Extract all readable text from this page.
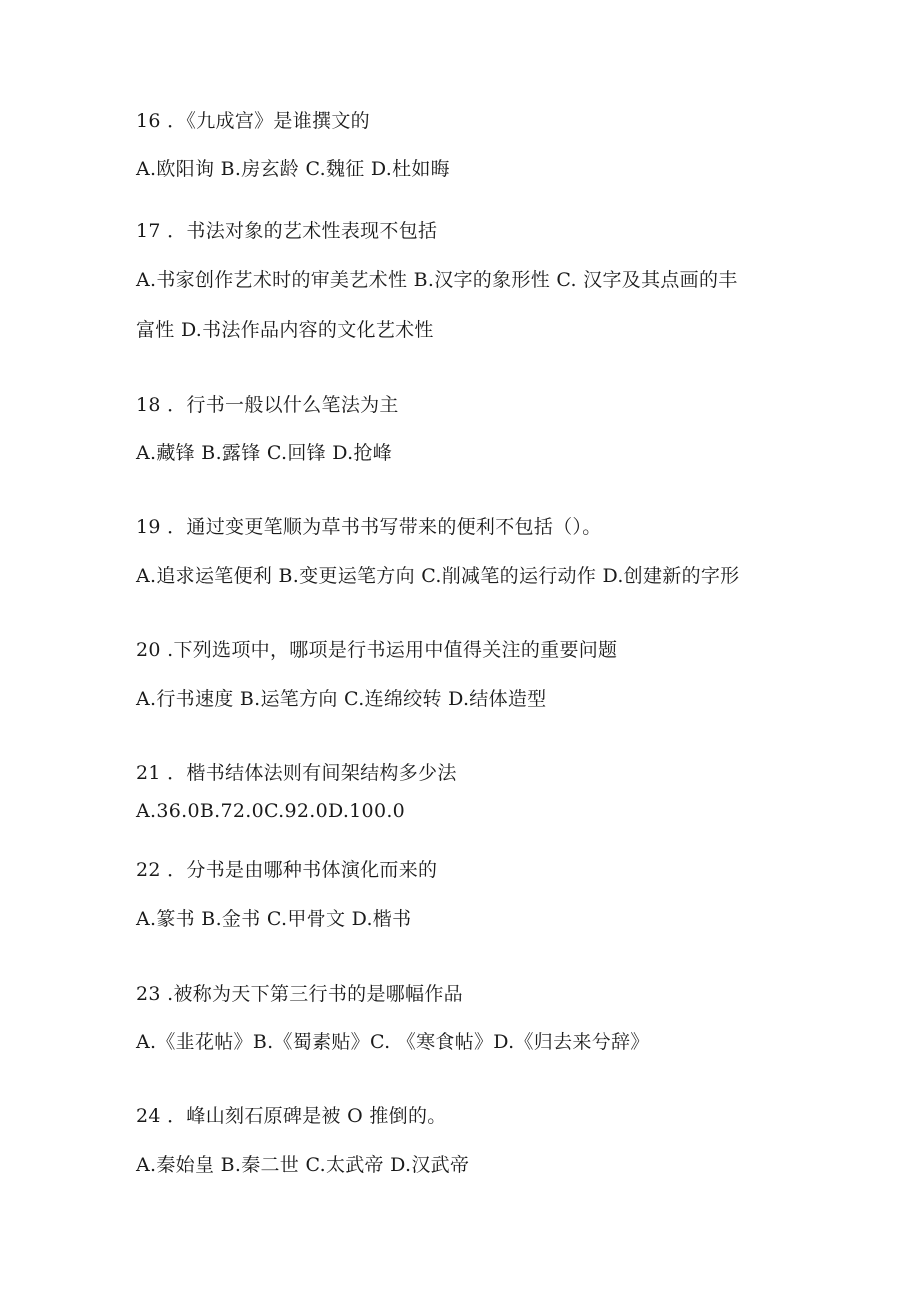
16 ．《九成宫》是谁撰文的
A.欧阳询 B.房玄龄 C.魏征 D.杜如晦
17 ．书法对象的艺术性表现不包括
A.书家创作艺术时的审美艺术性 B.汉字的象形性 C. 汉字及其点画的丰
富性 D.书法作品内容的文化艺术性
18 ．行书一般以什么笔法为主
A.藏锋 B.露锋 C.回锋 D.抢峰
19 ．通过变更笔顺为草书书写带来的便利不包括（）。
A.追求运笔便利 B.变更运笔方向 C.削减笔的运行动作 D.创建新的字形
20 .下列选项中，哪项是行书运用中值得关注的重要问题
A.行书速度 B.运笔方向 C.连绵绞转 D.结体造型
21 ．楷书结体法则有间架结构多少法
A.36.0B.72.0C.92.0D.100.0
22 ．分书是由哪种书体演化而来的
A.篆书 B.金书 C.甲骨文 D.楷书
23 .被称为天下第三行书的是哪幅作品
A.《韭花帖》B.《蜀素贴》C. 《寒食帖》D.《归去来兮辞》
24 ．峰山刻石原碑是被 O 推倒的。
A.秦始皇 B.秦二世 C.太武帝 D.汉武帝
